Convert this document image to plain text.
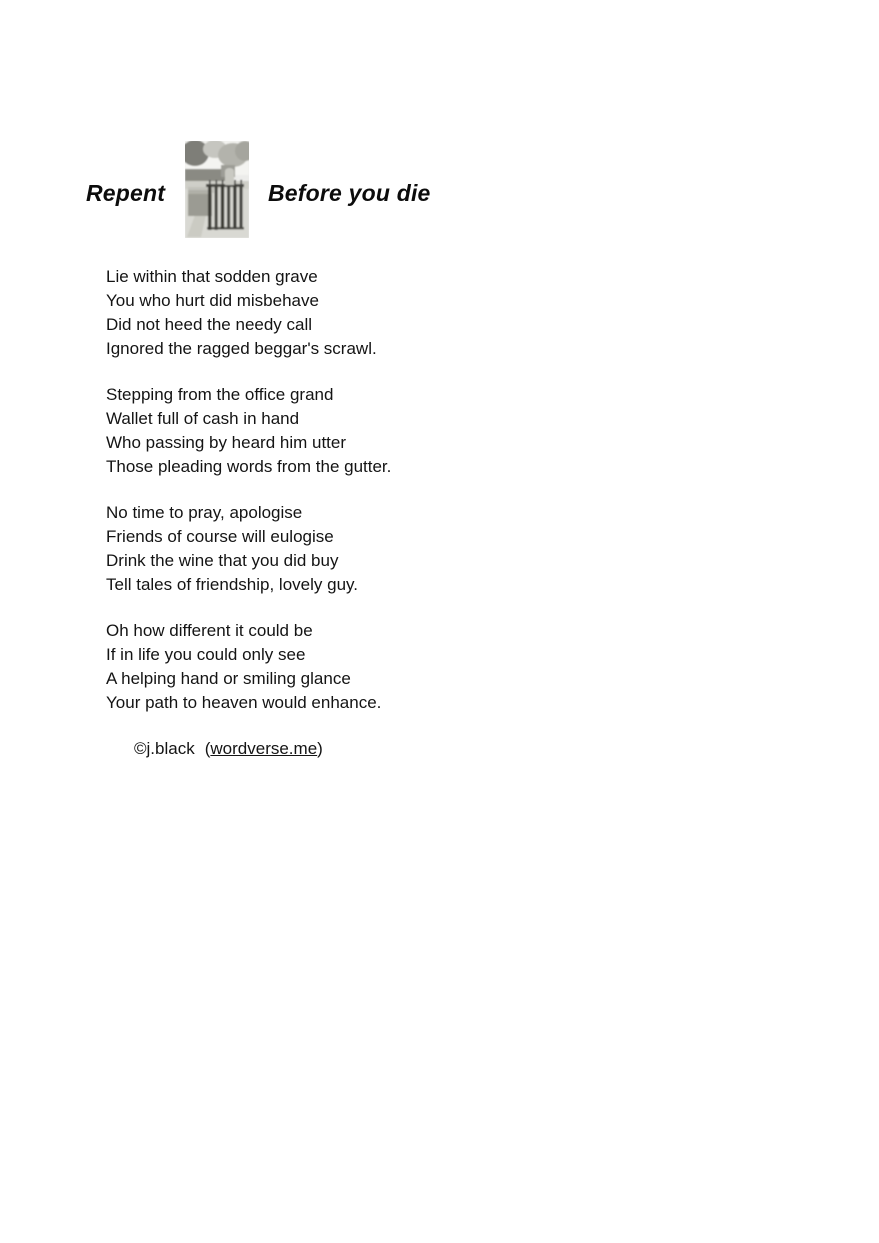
Repent	Before you die
Lie within that sodden grave
You who hurt did misbehave
Did not heed the needy call
Ignored the ragged beggar's scrawl.
Stepping from the office grand
Wallet full of cash in hand
Who passing by heard him utter
Those pleading words from the gutter.
No time to pray, apologise
Friends of course will eulogise
Drink the wine that you did buy
Tell tales of friendship, lovely guy.
Oh how different it could be
If in life you could only see
A helping hand or smiling glance
Your path to heaven would enhance.
©j.black (wordverse.me)
